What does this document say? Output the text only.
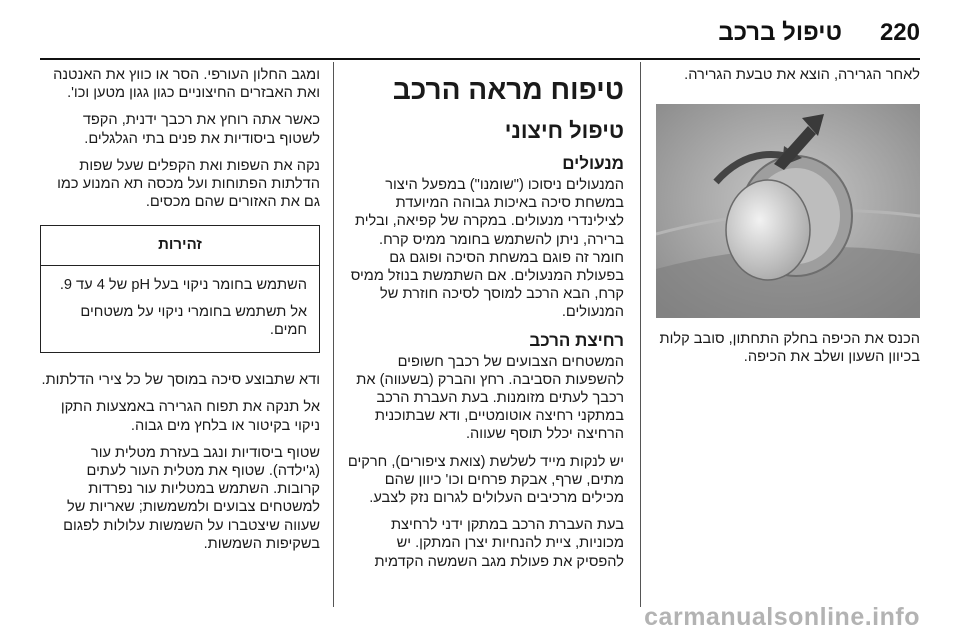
220
טיפול ברכב

לאחר הגרירה, הוצא את טבעת הגרירה.

הכנס את הכיפה בחלק התחתון, סובב קלות בכיוון השעון ושלב את הכיפה.

טיפוח מראה הרכב
טיפול חיצוני
מנעולים

המנעולים ניסוכו ("שומנו") במפעל היצור במשחת סיכה באיכות גבוהה המיועדת לצילינדרי מנעולים. במקרה של קפיאה, ובלית ברירה, ניתן להשתמש בחומר ממיס קרח. חומר זה פוגם במשחת הסיכה ופוגם גם בפעולת המנעולים. אם השתמשת בנוזל ממיס קרח, הבא הרכב למוסך לסיכה חוזרת של המנעולים.

רחיצת הרכב

המשטחים הצבועים של רכבך חשופים להשפעות הסביבה. רחץ והברק (בשעווה) את רכבך לעתים מזומנות. בעת העברת הרכב במתקני רחיצה אוטומטיים, ודא שבתוכנית הרחיצה יכלל תוסף שעווה.

יש לנקות מייד לשלשת (צואת ציפורים), חרקים מתים, שרף, אבקת פרחים וכו' כיוון שהם מכילים מרכיבים העלולים לגרום נזק לצבע.

בעת העברת הרכב במתקן ידני לרחיצת מכוניות, ציית להנחיות יצרן המתקן. יש להפסיק את פעולת מגב השמשה הקדמית

ומגב החלון העורפי. הסר או כווץ את האנטנה ואת האבזרים החיצוניים כגון גגון מטען וכו'.

כאשר אתה רוחץ את רכבך ידנית, הקפד לשטוף ביסודיות את פנים בתי הגלגלים.

נקה את השפות ואת הקפלים שעל שפות הדלתות הפתוחות ועל מכסה תא המנוע כמו גם את האזורים שהם מכסים.

זהירות

השתמש בחומר ניקוי בעל pH של 4 עד 9.

אל תשתמש בחומרי ניקוי על משטחים חמים.

ודא שתבוצע סיכה במוסך של כל צירי הדלתות.

אל תנקה את תפוח הגרירה באמצעות התקן ניקוי בקיטור או בלחץ מים גבוה.

שטוף ביסודיות ונגב בעזרת מטלית עור (ג'ילדה). שטוף את מטלית העור לעתים קרובות. השתמש במטליות עור נפרדות למשטחים צבועים ולמשמשות; שאריות של שעווה שיצטברו על השמשות עלולות לפגום בשקיפות השמשות.

carmanualsonline.info
